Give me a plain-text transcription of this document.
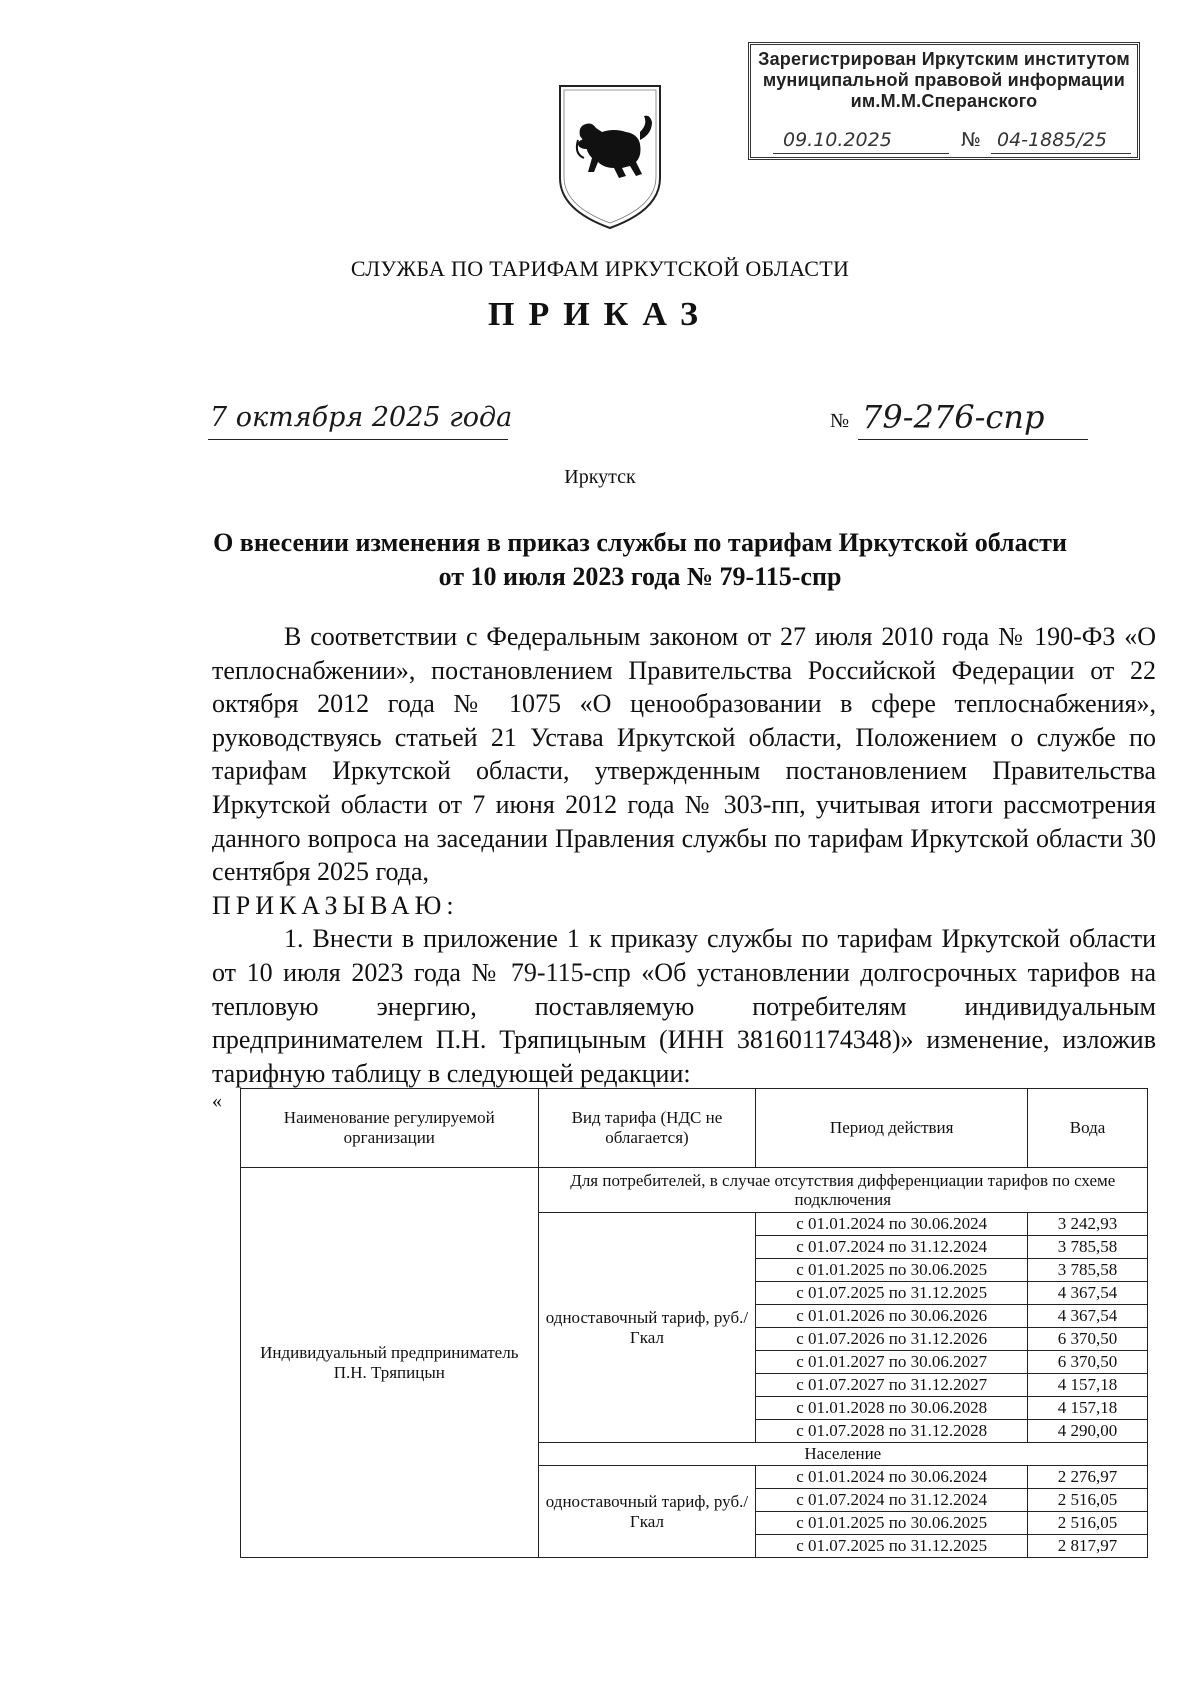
Зарегистрирован Иркутским институтом
муниципальной правовой информации
им.М.М.Сперанского
09.10.2025	№ 04-1885/25
СЛУЖБА ПО ТАРИФАМ ИРКУТСКОЙ ОБЛАСТИ
ПРИКАЗ
7 октября 2025 года	№ 79-276-спр
Иркутск
О внесении изменения в приказ службы по тарифам Иркутской области
от 10 июля 2023 года № 79-115-спр

В соответствии с Федеральным законом от 27 июля 2010 года № 190-ФЗ «О теплоснабжении», постановлением Правительства Российской Федерации от 22 октября 2012 года № 1075 «О ценообразовании в сфере теплоснабжения», руководствуясь статьей 21 Устава Иркутской области, Положением о службе по тарифам Иркутской области, утвержденным постановлением Правительства Иркутской области от 7 июня 2012 года № 303-пп, учитывая итоги рассмотрения данного вопроса на заседании Правления службы по тарифам Иркутской области 30 сентября 2025 года,

ПРИКАЗЫВАЮ:

1. Внести в приложение 1 к приказу службы по тарифам Иркутской области от 10 июля 2023 года № 79-115-спр «Об установлении долгосрочных тарифов на тепловую энергию, поставляемую потребителям индивидуальным предпринимателем П.Н. Тряпицыным (ИНН 381601174348)» изменение, изложив тарифную таблицу в следующей редакции:

«
Наименование регулируемой организации	Вид тарифа (НДС не облагается)	Период действия	Вода
Индивидуальный предприниматель П.Н. Тряпицын	Для потребителей, в случае отсутствия дифференциации тарифов по схеме подключения		
	одноставочный тариф, руб./Гкал	с 01.01.2024 по 30.06.2024	3 242,93
		с 01.07.2024 по 31.12.2024	3 785,58
		с 01.01.2025 по 30.06.2025	3 785,58
		с 01.07.2025 по 31.12.2025	4 367,54
		с 01.01.2026 по 30.06.2026	4 367,54
		с 01.07.2026 по 31.12.2026	6 370,50
		с 01.01.2027 по 30.06.2027	6 370,50
		с 01.07.2027 по 31.12.2027	4 157,18
		с 01.01.2028 по 30.06.2028	4 157,18
		с 01.07.2028 по 31.12.2028	4 290,00
	Население		
	одноставочный тариф, руб./Гкал	с 01.01.2024 по 30.06.2024	2 276,97
		с 01.07.2024 по 31.12.2024	2 516,05
		с 01.01.2025 по 30.06.2025	2 516,05
		с 01.07.2025 по 31.12.2025	2 817,97
